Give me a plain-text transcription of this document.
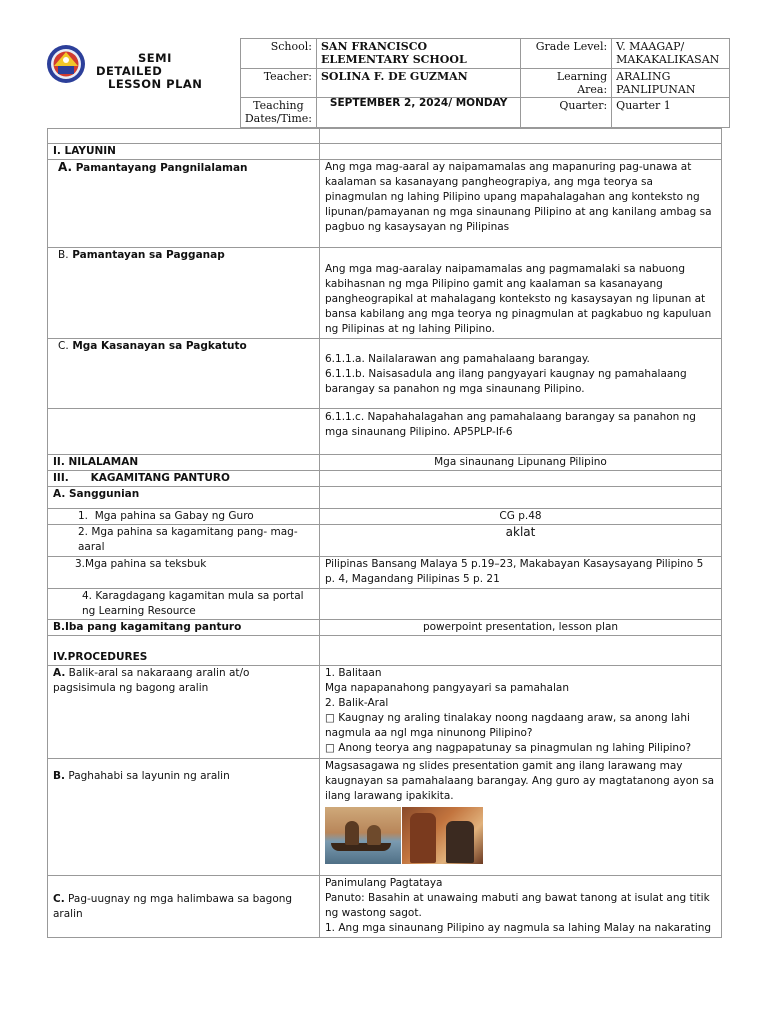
SEMI
DETAILED
LESSON PLAN	School:	SAN FRANCISCO ELEMENTARY SCHOOL	Grade Level:	V. MAAGAP/ MAKAKALIKASAN
	Teacher:	SOLINA F. DE GUZMAN	Learning Area:	ARALING PANLIPUNAN
	Teaching Dates/Time:	SEPTEMBER 2, 2024/ MONDAY	Quarter:	Quarter 1

I. LAYUNIN	
A. Pamantayang Pangnilalaman	Ang mga mag-aaral ay naipamamalas ang mapanuring pag-unawa at kaalaman sa kasanayang pangheograpiya, ang mga teorya sa pinagmulan ng lahing Pilipino upang mapahalagahan ang konteksto ng lipunan/pamayanan ng mga sinaunang Pilipino at ang kanilang ambag sa pagbuo ng kasaysayan ng Pilipinas
B. Pamantayan sa Pagganap	Ang mga mag-aaralay naipamamalas ang pagmamalaki sa nabuong kabihasnan ng mga Pilipino gamit ang kaalaman sa kasanayang pangheograpikal at mahalagang konteksto ng kasaysayan ng lipunan at bansa kabilang ang mga teorya ng pinagmulan at pagkabuo ng kapuluan ng Pilipinas at ng lahing Pilipino.
C. Mga Kasanayan sa Pagkatuto	6.1.1.a. Nailalarawan ang pamahalaang barangay.
6.1.1.b. Naisasadula ang ilang pangyayari kaugnay ng pamahalaang barangay sa panahon ng mga sinaunang Pilipino.

	6.1.1.c. Napahahalagahan ang pamahalaang barangay sa panahon ng mga sinaunang Pilipino. AP5PLP-If-6
II. NILALAMAN	Mga sinaunang Lipunang Pilipino
III.      KAGAMITANG PANTURO	
A. Sanggunian	
1.  Mga pahina sa Gabay ng Guro	CG p.48
2. Mga pahina sa kagamitang pang- mag-aaral	aklat
3.Mga pahina sa teksbuk	Pilipinas Bansang Malaya 5 p.19–23, Makabayan Kasaysayang Pilipino 5 p. 4, Magandang Pilipinas 5 p. 21
4. Karagdagang kagamitan mula sa portal ng Learning Resource	
B.Iba pang kagamitang panturo	powerpoint presentation, lesson plan
IV.PROCEDURES	
A. Balik-aral sa nakaraang aralin at/o pagsisimula ng bagong aralin	1. Balitaan
Mga napapanahong pangyayari sa pamahalan
2. Balik-Aral
□ Kaugnay ng araling tinalakay noong nagdaang araw, sa anong lahi nagmula aa ngl mga ninunong Pilipino?
□ Anong teorya ang nagpapatunay sa pinagmulan ng lahing Pilipino?

B. Paghahabi sa layunin ng aralin	Magsasagawa ng slides presentation gamit ang ilang larawang may kaugnayan sa pamahalaang barangay. Ang guro ay magtatanong ayon sa ilang larawang ipakikita.

C. Pag-uugnay ng mga halimbawa sa bagong aralin	Panimulang Pagtataya
Panuto: Basahin at unawaing mabuti ang bawat tanong at isulat ang titik ng wastong sagot.
1. Ang mga sinaunang Pilipino ay nagmula sa lahing Malay na nakarating
